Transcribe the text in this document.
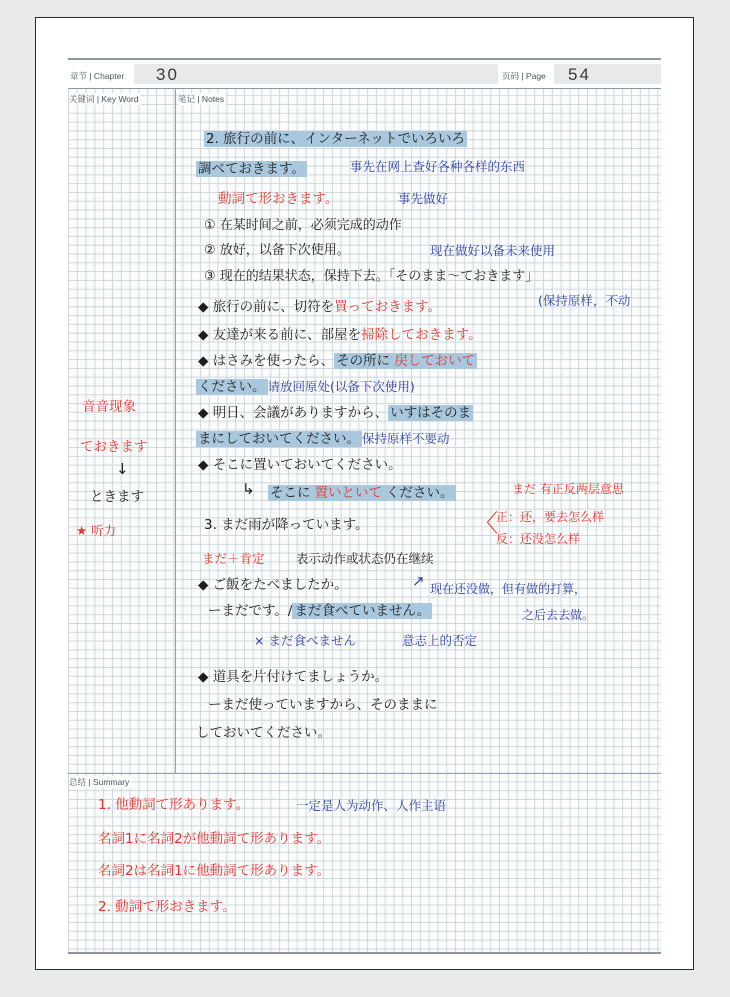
章节 | Chapter 30	页码 | Page 54
关键词 | Key Word	笔记 | Notes
总结 | Summary
音音现象
ておきます
↓
ときます
★ 听力
2. 旅行の前に、インターネットでいろいろ
調べておきます。	事先在网上查好各种各样的东西
動詞て形おきます。	事先做好
① 在某时间之前，必须完成的动作
② 放好，以备下次使用。	现在做好以备未来使用
③ 现在的结果状态，保持下去。「そのまま〜ておきます」
◆ 旅行の前に、切符を買っておきます。	(保持原样，不动
◆ 友達が来る前に、部屋を掃除しておきます。
◆ はさみを使ったら、 その所に 戻しておいて
ください。 请放回原处(以备下次使用)
◆ 明日、会議がありますから、 いすはそのま
まにしておいてください。 保持原样不要动
◆ そこに置いておいてください。
↳ そこに 置いといて ください。	まだ 有正反两层意思
3. まだ雨が降っています。	〈
正：还，要去怎么样
反：还没怎么样
まだ＋肯定	表示动作或状态仍在继续
◆ ご飯をたべましたか。	↗ 现在还没做，但有做的打算，
ーまだです。/ まだ食べていません。	之后去去做。
× まだ食べません	意志上的否定
◆ 道具を片付けてましょうか。
ーまだ使っていますから、そのままに
しておいてください。
1. 他動詞て形あります。	一定是人为动作、人作主语
名詞1に名詞2が他動詞て形あります。
名詞2は名詞1に他動詞て形あります。
2. 動詞て形おきます。
